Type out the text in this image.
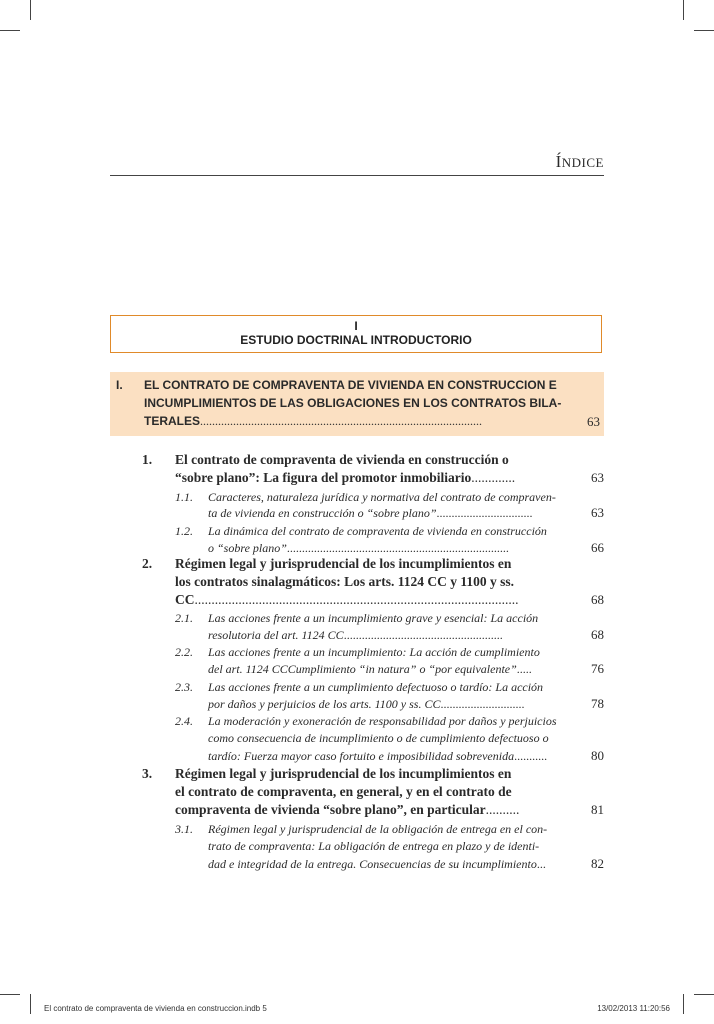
ÍNDICE
I
ESTUDIO DOCTRINAL INTRODUCTORIO
I. EL CONTRATO DE COMPRAVENTA DE VIVIENDA EN CONSTRUCCION E
INCUMPLIMIENTOS DE LAS OBLIGACIONES EN LOS CONTRATOS BILA-
TERALES..............................................................................................	63
1. El contrato de compraventa de vivienda en construcción o
“sobre plano”: La figura del promotor inmobiliario.............	63
1.1. Caracteres, naturaleza jurídica y normativa del contrato de compraven-
ta de vivienda en construcción o “sobre plano”................................	63
1.2. La dinámica del contrato de compraventa de vivienda en construcción
o “sobre plano”..........................................................................	66
2. Régimen legal y jurisprudencial de los incumplimientos en
los contratos sinalagmáticos: Los arts. 1124 CC y 1100 y ss.
CC................................................................................................	68
2.1. Las acciones frente a un incumplimiento grave y esencial: La acción
resolutoria del art. 1124 CC.....................................................	68
2.2. Las acciones frente a un incumplimiento: La acción de cumplimiento
del art. 1124 CCCumplimiento “in natura” o “por equivalente”.....	76
2.3. Las acciones frente a un cumplimiento defectuoso o tardío: La acción
por daños y perjuicios de los arts. 1100 y ss. CC............................	78
2.4. La moderación y exoneración de responsabilidad por daños y perjuicios
como consecuencia de incumplimiento o de cumplimiento defectuoso o
tardío: Fuerza mayor caso fortuito e imposibilidad sobrevenida...........	80
3. Régimen legal y jurisprudencial de los incumplimientos en
el contrato de compraventa, en general, y en el contrato de
compraventa de vivienda “sobre plano”, en particular..........	81
3.1. Régimen legal y jurisprudencial de la obligación de entrega en el con-
trato de compraventa: La obligación de entrega en plazo y de identi-
dad e integridad de la entrega. Consecuencias de su incumplimiento...	82
El contrato de compraventa de vivienda en construccion.indb 5	13/02/2013 11:20:56
